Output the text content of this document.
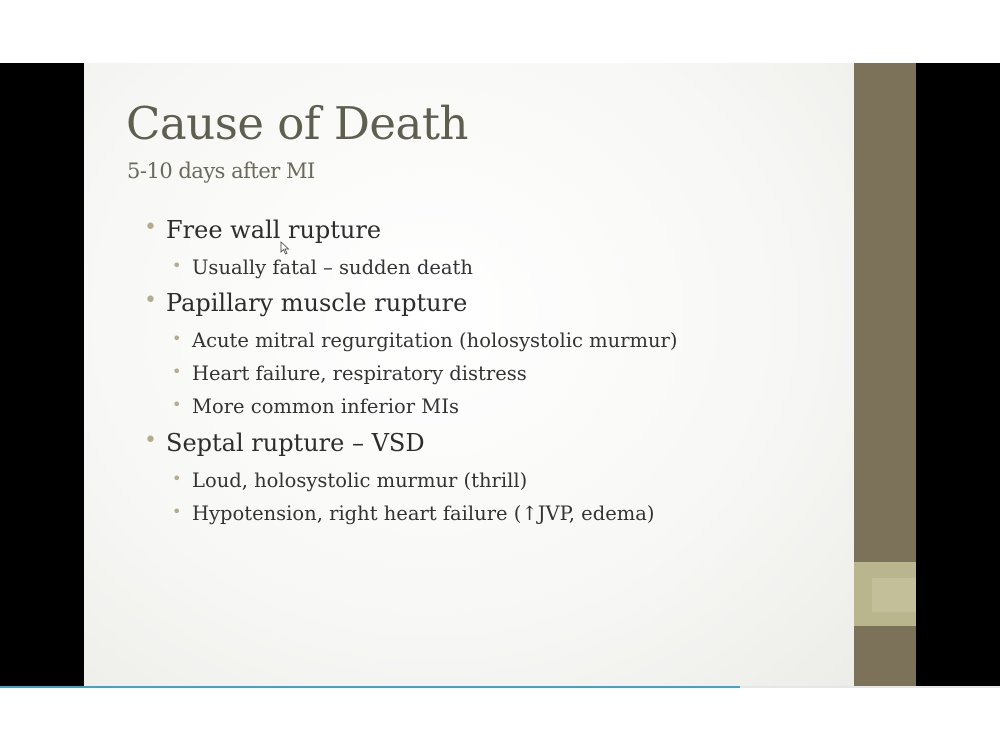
Cause of Death
5-10 days after MI
• Free wall rupture
• Usually fatal – sudden death
• Papillary muscle rupture
• Acute mitral regurgitation (holosystolic murmur)
• Heart failure, respiratory distress
• More common inferior MIs
• Septal rupture – VSD
• Loud, holosystolic murmur (thrill)
• Hypotension, right heart failure (↑JVP, edema)
